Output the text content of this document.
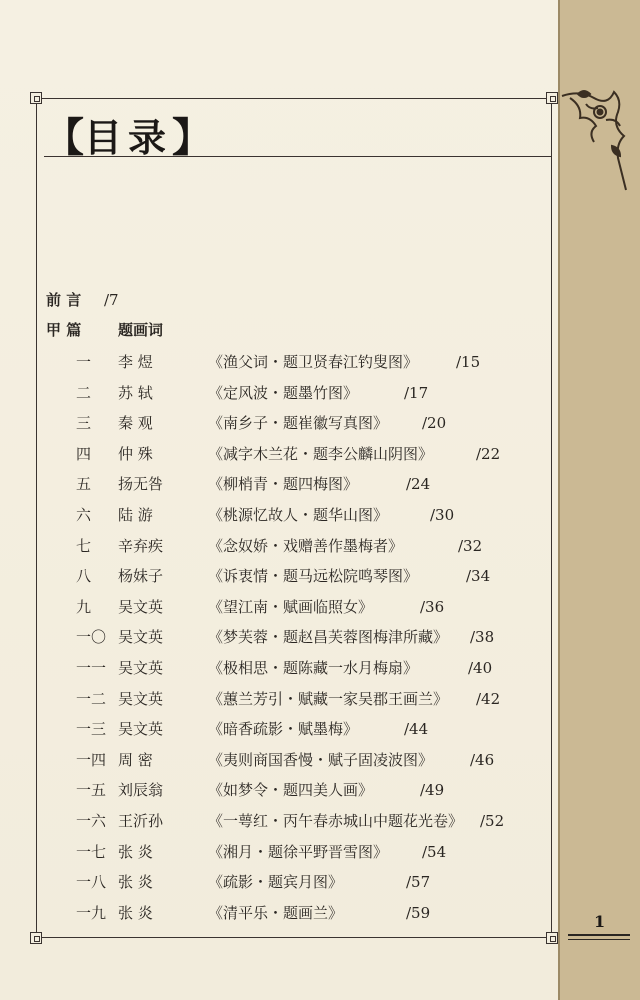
【 目录 】
前 言 /7
甲 篇 题画词
一 李 煜	《渔父词・题卫贤春江钓叟图》	/15
二 苏 轼	《定风波・题墨竹图》	/17
三 秦 观	《南乡子・题崔徽写真图》 /20
四 仲 殊	《减字木兰花・题李公麟山阴图》	/22
五 扬无咎	《柳梢青・题四梅图》	/24
六 陆 游	《桃源忆故人・题华山图》	/30
七 辛弃疾	《念奴娇・戏赠善作墨梅者》	/32
八 杨妹子	《诉衷情・题马远松院鸣琴图》	/34
九 吴文英	《望江南・赋画临照女》	/36
一〇 吴文英	《梦芙蓉・题赵昌芙蓉图梅津所藏》 /38
一一 吴文英	《极相思・题陈藏一水月梅扇》	/40
一二 吴文英	《蕙兰芳引・赋藏一家吴郡王画兰》 /42
一三 吴文英	《暗香疏影・赋墨梅》	/44
一四 周 密	《夷则商国香慢・赋子固凌波图》 /46
一五 刘辰翁	《如梦令・题四美人画》	/49
一六 王沂孙	《一萼红・丙午春赤城山中题花光卷》 /52
一七 张 炎	《湘月・题徐平野晋雪图》 /54
一八 张 炎	《疏影・题宾月图》	/57
一九 张 炎	《清平乐・题画兰》	/59	1
